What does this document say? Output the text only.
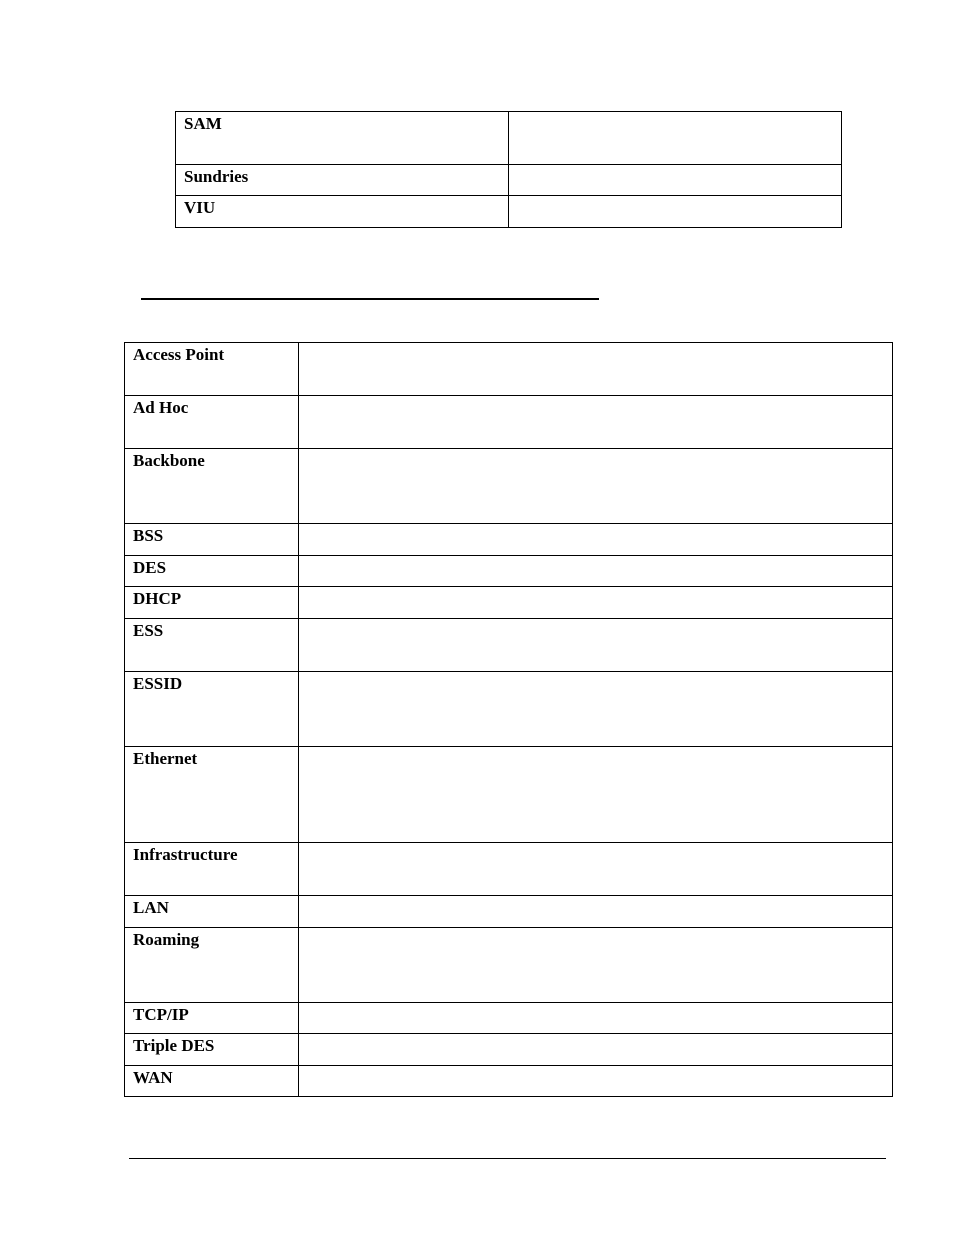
SAM	
Sundries	
VIU	
Access Point	
Ad Hoc	
Backbone	
BSS	
DES	
DHCP	
ESS	
ESSID	
Ethernet	
Infrastructure	
LAN	
Roaming	
TCP/IP	
Triple DES	
WAN	
